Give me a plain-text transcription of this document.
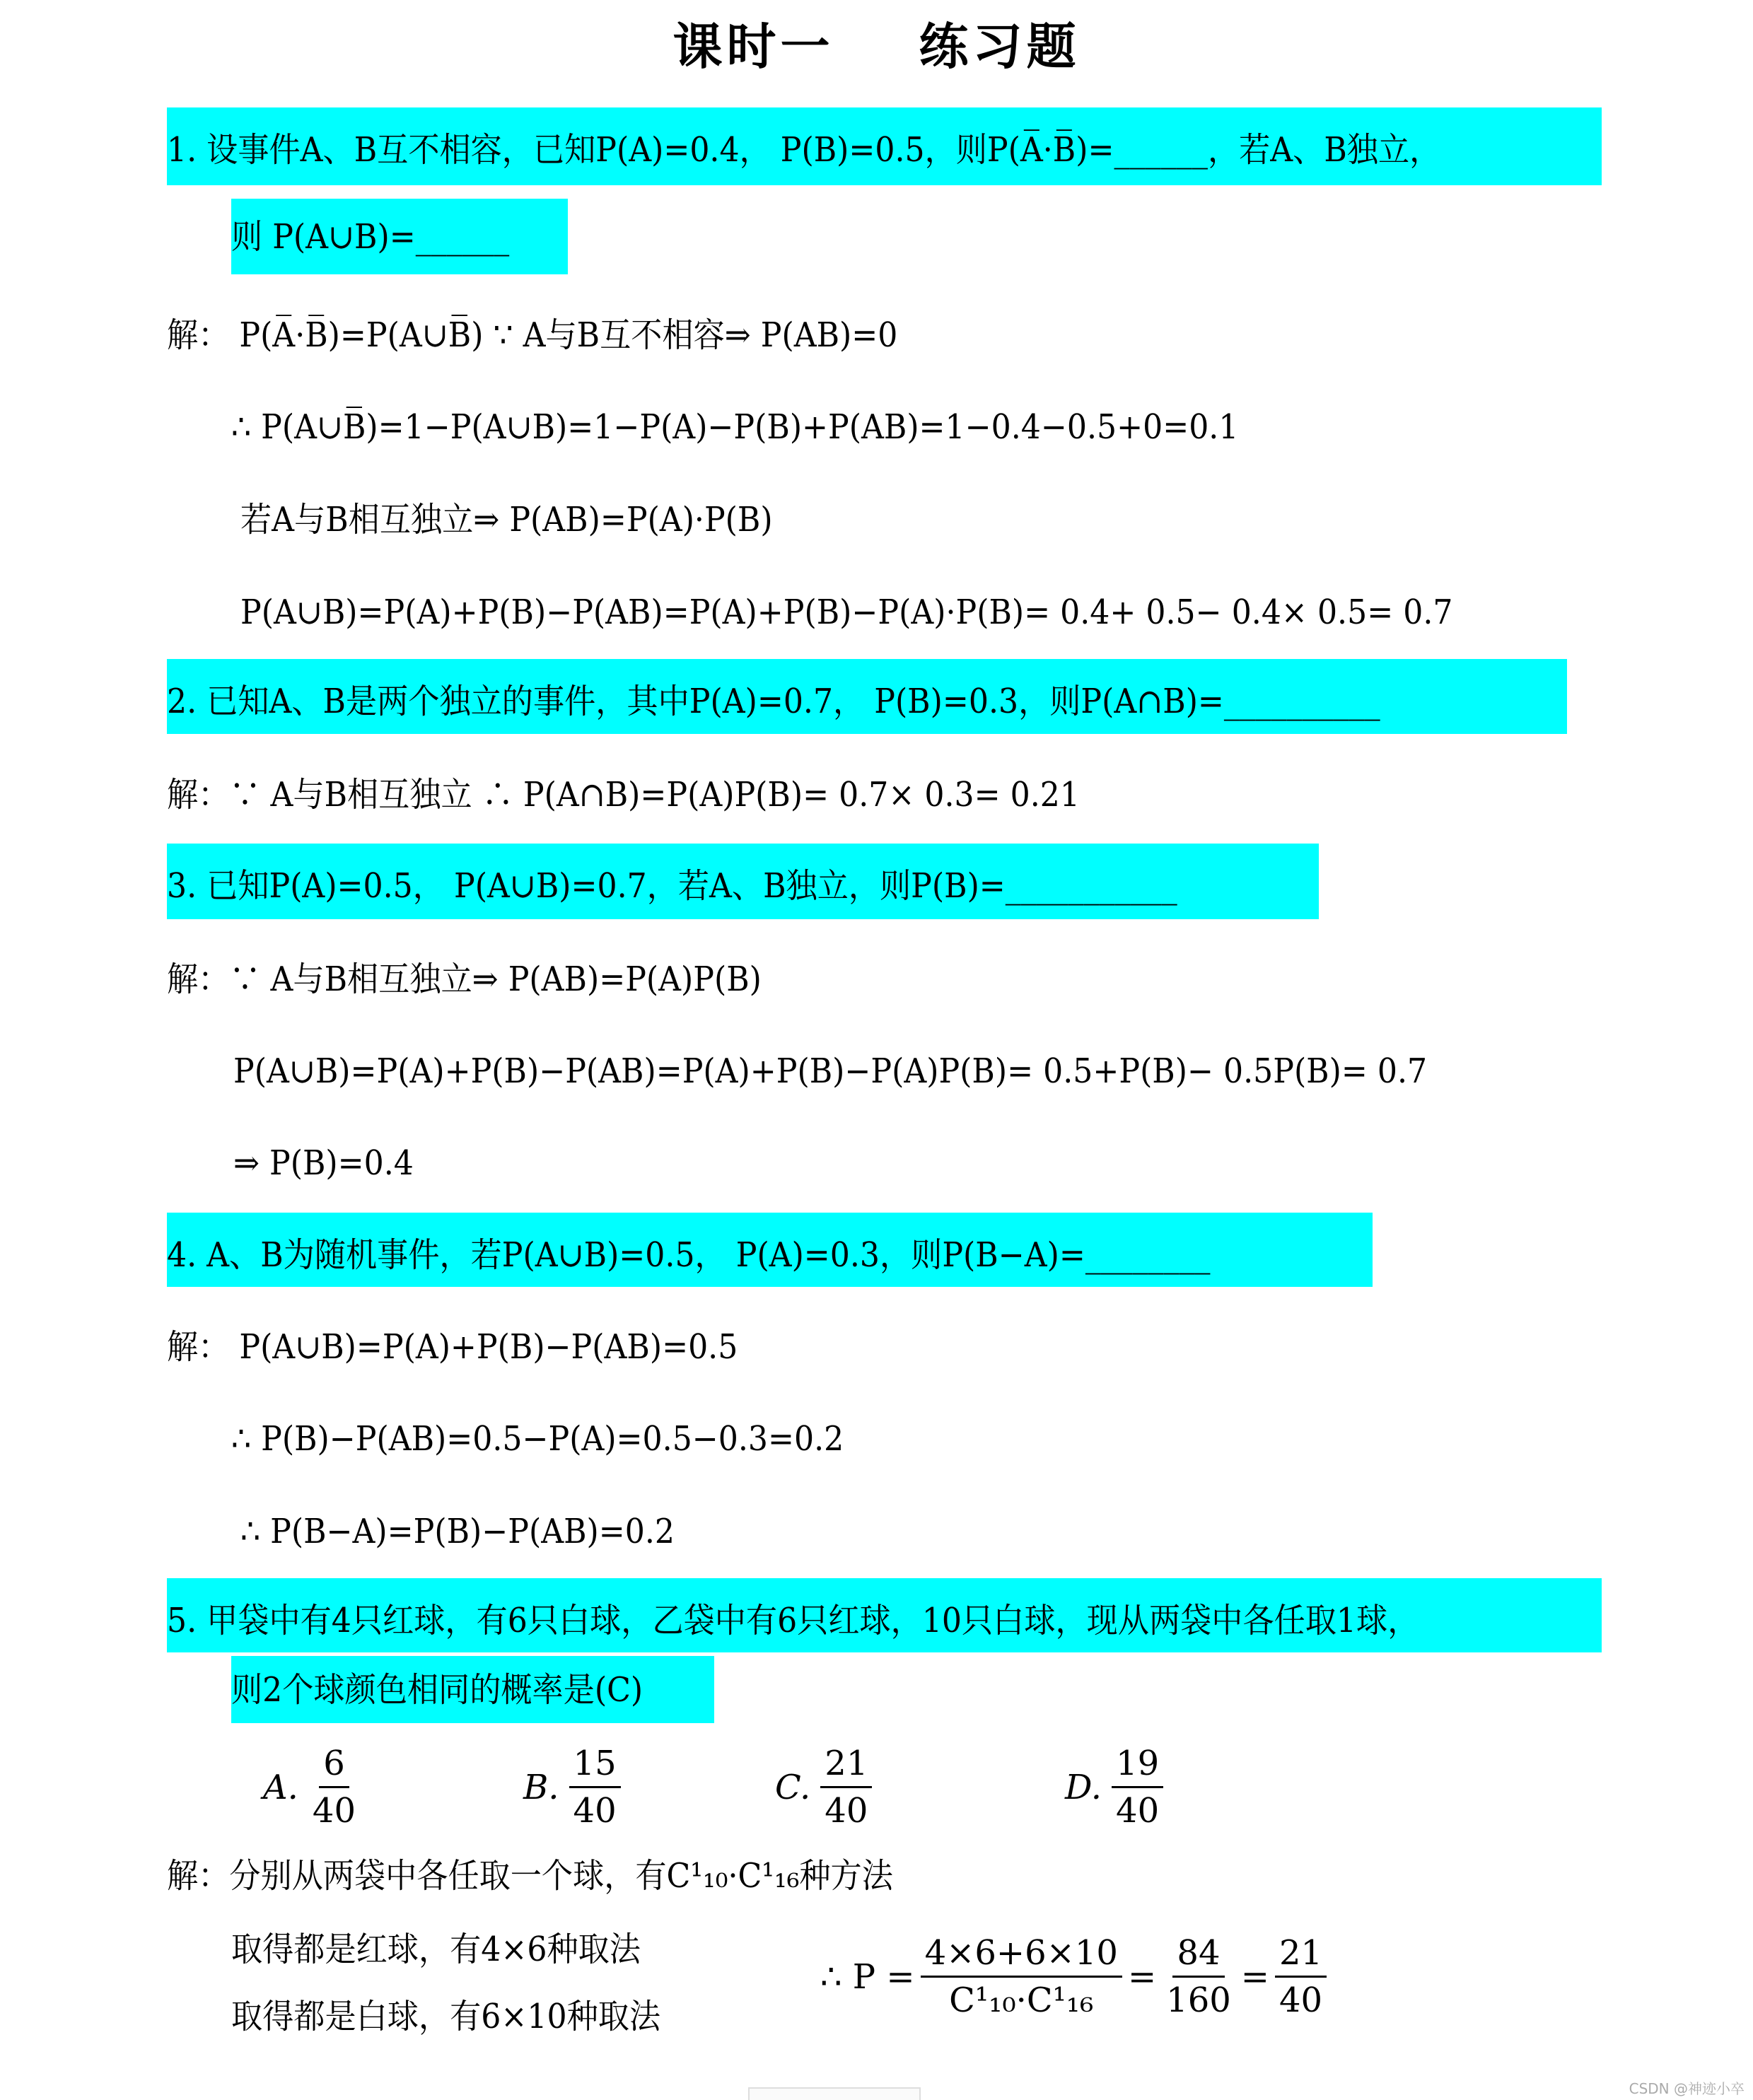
课时一 练习题
1. 设事件A、B互不相容，已知P(A)=0.4， P(B)=0.5，则P(A̅·B̅)=______，若A、B独立，
则 P(A∪B)=______
解： P(A̅·B̅)=P(A∪B̅̅̅̅̅̅̅) ∵ A与B互不相容⇒ P(AB)=0
∴ P(A∪B̅̅̅̅̅̅̅)=1−P(A∪B)=1−P(A)−P(B)+P(AB)=1−0.4−0.5+0=0.1
若A与B相互独立⇒ P(AB)=P(A)·P(B)
P(A∪B)=P(A)+P(B)−P(AB)=P(A)+P(B)−P(A)·P(B)= 0.4+ 0.5− 0.4× 0.5= 0.7
2. 已知A、B是两个独立的事件，其中P(A)=0.7， P(B)=0.3，则P(A∩B)=__________
解：∵ A与B相互独立 ∴ P(A∩B)=P(A)P(B)= 0.7× 0.3= 0.21
3. 已知P(A)=0.5， P(A∪B)=0.7，若A、B独立，则P(B)=___________
解：∵ A与B相互独立⇒ P(AB)=P(A)P(B)
P(A∪B)=P(A)+P(B)−P(AB)=P(A)+P(B)−P(A)P(B)= 0.5+P(B)− 0.5P(B)= 0.7
⇒ P(B)=0.4
4. A、B为随机事件，若P(A∪B)=0.5， P(A)=0.3，则P(B−A)=________
解： P(A∪B)=P(A)+P(B)−P(AB)=0.5
∴ P(B)−P(AB)=0.5−P(A)=0.5−0.3=0.2
∴ P(B−A)=P(B)−P(AB)=0.2
5. 甲袋中有4只红球，有6只白球，乙袋中有6只红球，10只白球，现从两袋中各任取1球，
则2个球颜色相同的概率是(C)
A. $\frac{6}{40}$	B. $\frac{15}{40}$	C. $\frac{21}{40}$	D. $\frac{19}{40}$
解：分别从两袋中各任取一个球，有C¹₁₀·C¹₁₆种方法
取得都是红球，有4×6种取法
取得都是白球，有6×10种取法
∴ $P = \frac{4\times 6+6\times 10}{\text{C¹₁₀·C¹₁₆}} = \frac{84}{160} = \frac{21}{40}$
CSDN @神迹小卒
